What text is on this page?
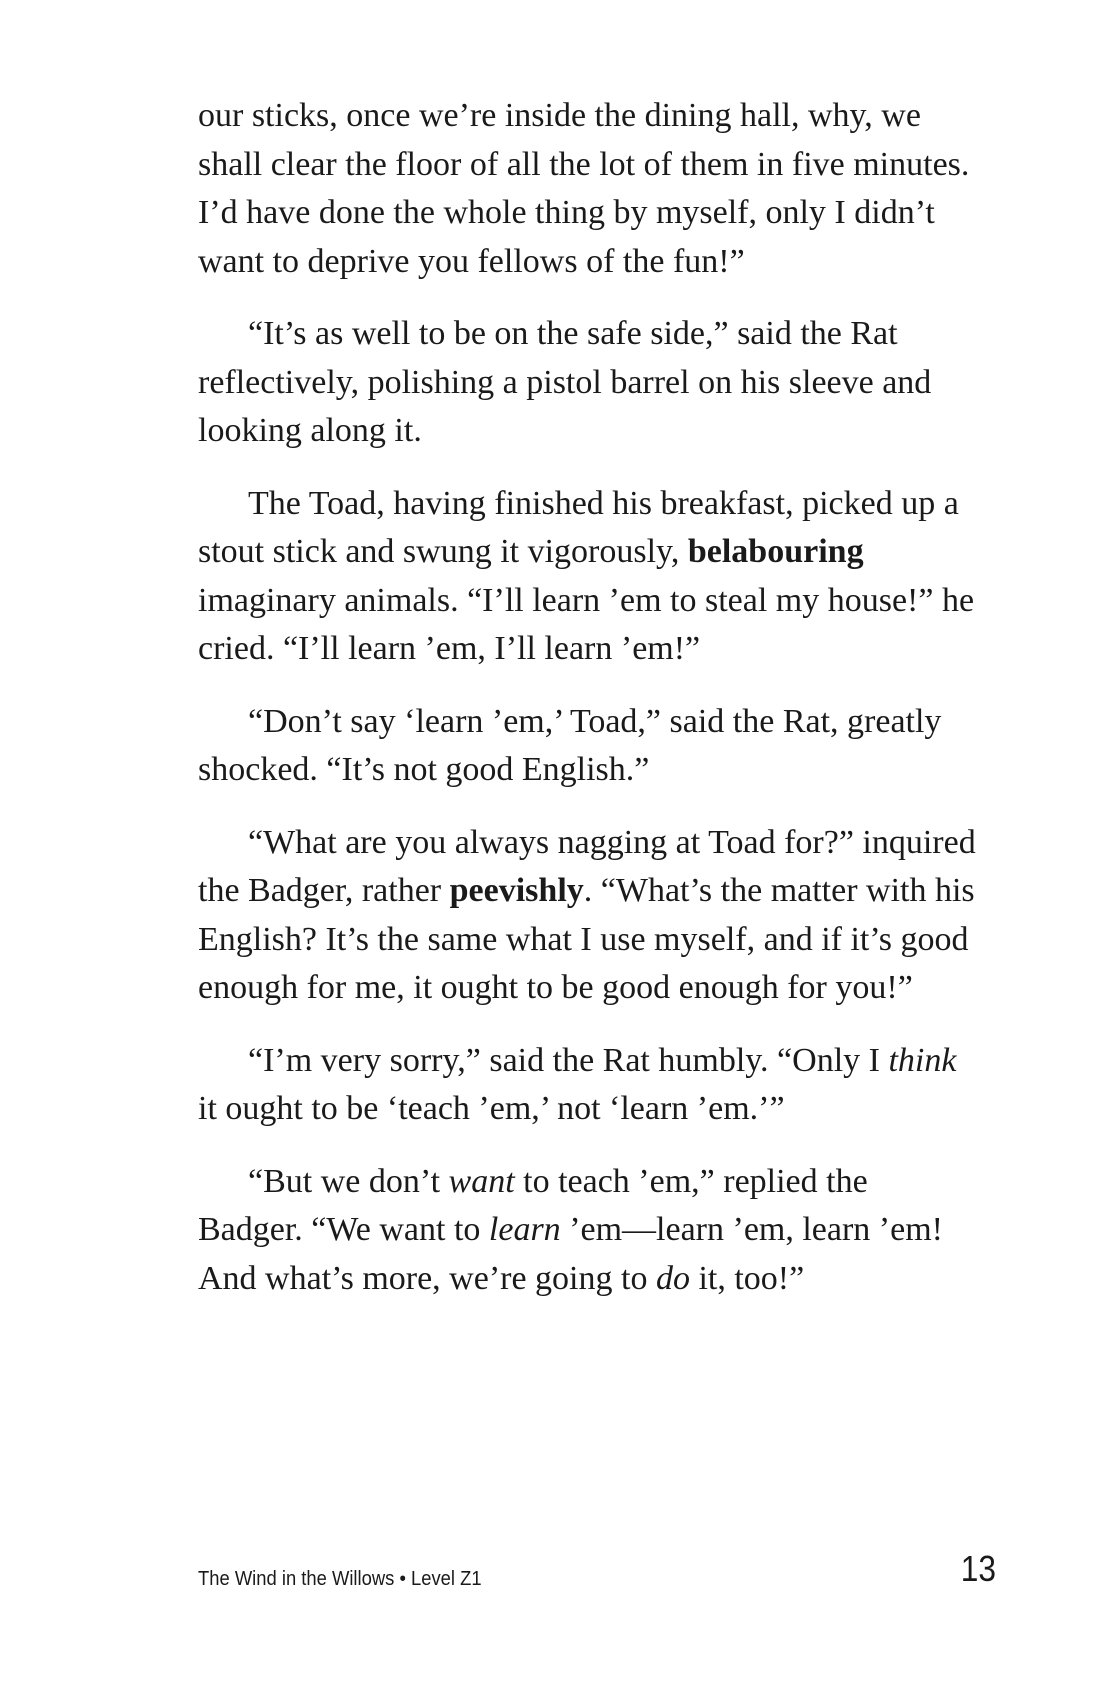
our sticks, once we’re inside the dining hall, why, we shall clear the floor of all the lot of them in five minutes. I’d have done the whole thing by myself, only I didn’t want to deprive you fellows of the fun!”

“It’s as well to be on the safe side,” said the Rat reflectively, polishing a pistol barrel on his sleeve and looking along it.

The Toad, having finished his breakfast, picked up a stout stick and swung it vigorously, belabouring imaginary animals. “I’ll learn ’em to steal my house!” he cried. “I’ll learn ’em, I’ll learn ’em!”

“Don’t say ‘learn ’em,’ Toad,” said the Rat, greatly shocked. “It’s not good English.”

“What are you always nagging at Toad for?” inquired the Badger, rather peevishly. “What’s the matter with his English? It’s the same what I use myself, and if it’s good enough for me, it ought to be good enough for you!”

“I’m very sorry,” said the Rat humbly. “Only I think it ought to be ‘teach ’em,’ not ‘learn ’em.’”

“But we don’t want to teach ’em,” replied the Badger. “We want to learn ’em—learn ’em, learn ’em! And what’s more, we’re going to do it, too!”

The Wind in the Willows • Level Z1	13
